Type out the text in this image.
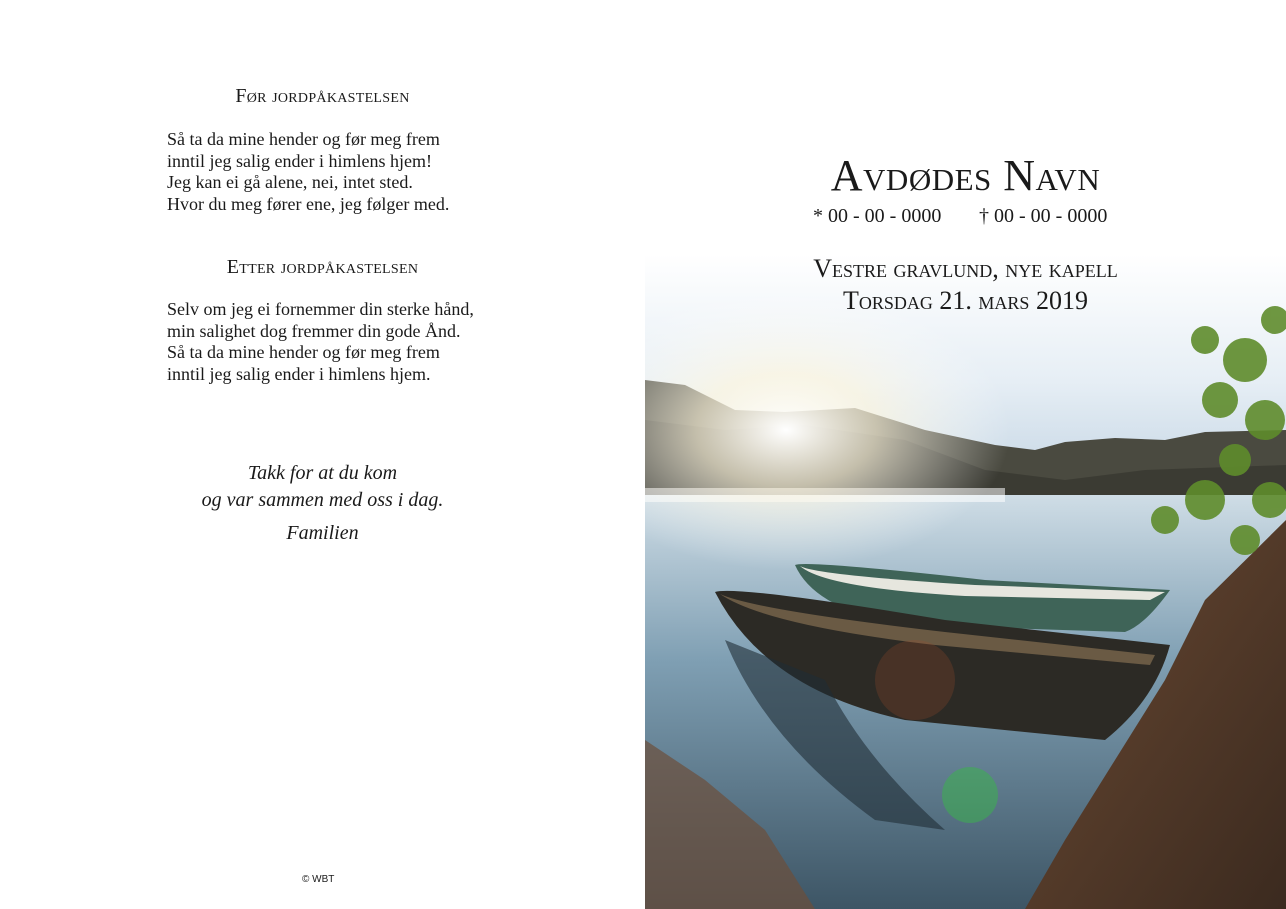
Før jordpåkastelsen
Så ta da mine hender og før meg frem
inntil jeg salig ender i himlens hjem!
Jeg kan ei gå alene, nei, intet sted.
Hvor du meg fører ene, jeg følger med.
Etter jordpåkastelsen
Selv om jeg ei fornemmer din sterke hånd,
min salighet dog fremmer din gode Ånd.
Så ta da mine hender og før meg frem
inntil jeg salig ender i himlens hjem.
Takk for at du kom
og var sammen med oss i dag.
Familien
© WBT
Avdødes Navn
* 00 - 00 - 0000 † 00 - 00 - 0000
Vestre gravlund, nye kapell
Torsdag 21. mars 2019
